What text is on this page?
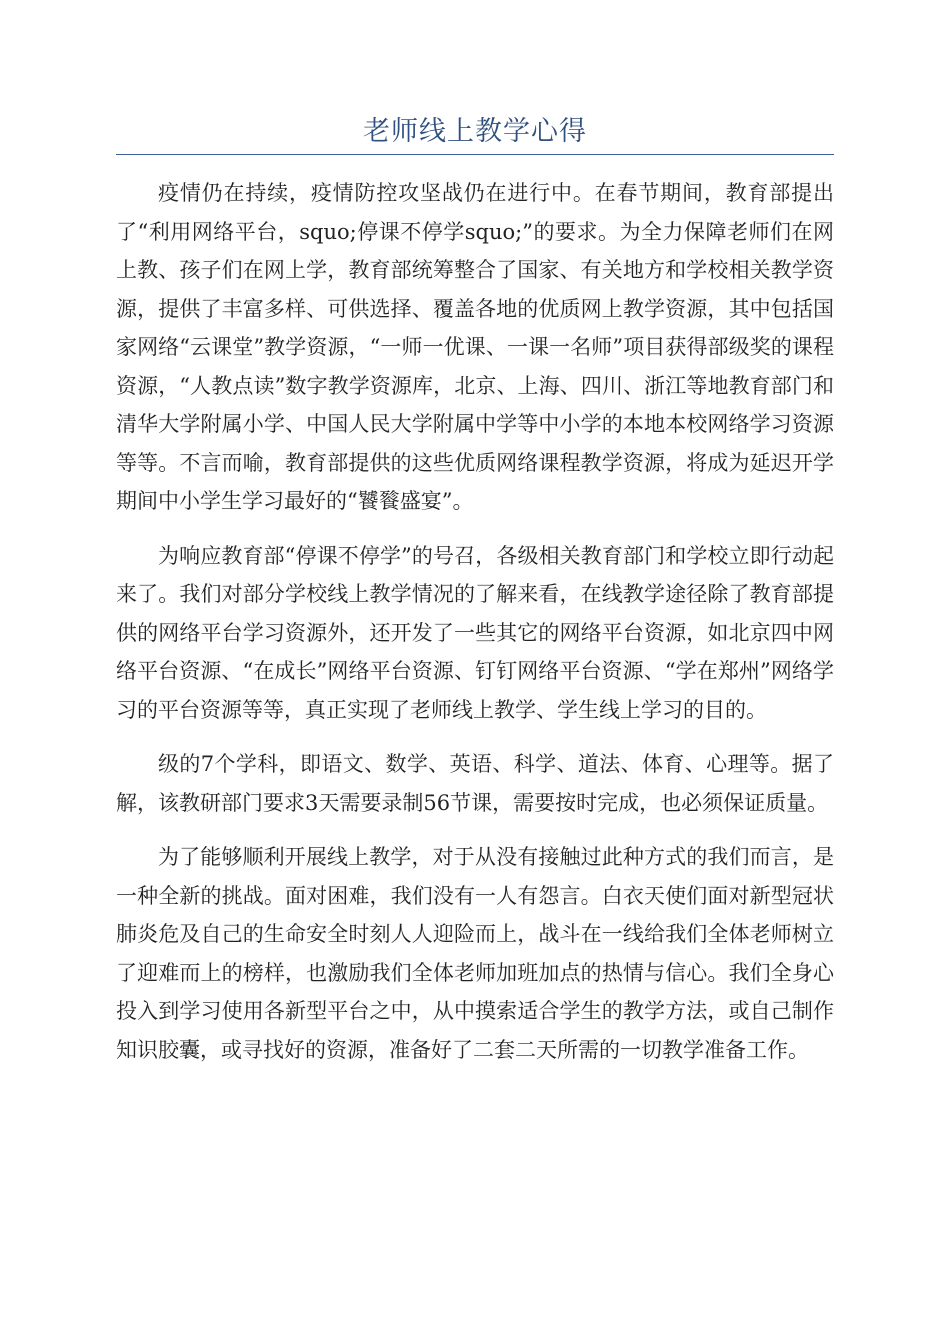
老师线上教学心得

疫情仍在持续，疫情防控攻坚战仍在进行中。在春节期间，教育部提出了“利用网络平台，squo;停课不停学squo;”的要求。为全力保障老师们在网上教、孩子们在网上学，教育部统筹整合了国家、有关地方和学校相关教学资源，提供了丰富多样、可供选择、覆盖各地的优质网上教学资源，其中包括国家网络“云课堂”教学资源，“一师一优课、一课一名师”项目获得部级奖的课程资源，“人教点读”数字教学资源库，北京、上海、四川、浙江等地教育部门和清华大学附属小学、中国人民大学附属中学等中小学的本地本校网络学习资源等等。不言而喻，教育部提供的这些优质网络课程教学资源，将成为延迟开学期间中小学生学习最好的“饕餮盛宴”。

为响应教育部“停课不停学”的号召，各级相关教育部门和学校立即行动起来了。我们对部分学校线上教学情况的了解来看，在线教学途径除了教育部提供的网络平台学习资源外，还开发了一些其它的网络平台资源，如北京四中网络平台资源、“在成长”网络平台资源、钉钉网络平台资源、“学在郑州”网络学习的平台资源等等，真正实现了老师线上教学、学生线上学习的目的。

级的7个学科，即语文、数学、英语、科学、道法、体育、心理等。据了解，该教研部门要求3天需要录制56节课，需要按时完成，也必须保证质量。

为了能够顺利开展线上教学，对于从没有接触过此种方式的我们而言，是一种全新的挑战。面对困难，我们没有一人有怨言。白衣天使们面对新型冠状肺炎危及自己的生命安全时刻人人迎险而上，战斗在一线给我们全体老师树立了迎难而上的榜样，也激励我们全体老师加班加点的热情与信心。我们全身心投入到学习使用各新型平台之中，从中摸索适合学生的教学方法，或自己制作知识胶囊，或寻找好的资源，准备好了二套二天所需的一切教学准备工作。
